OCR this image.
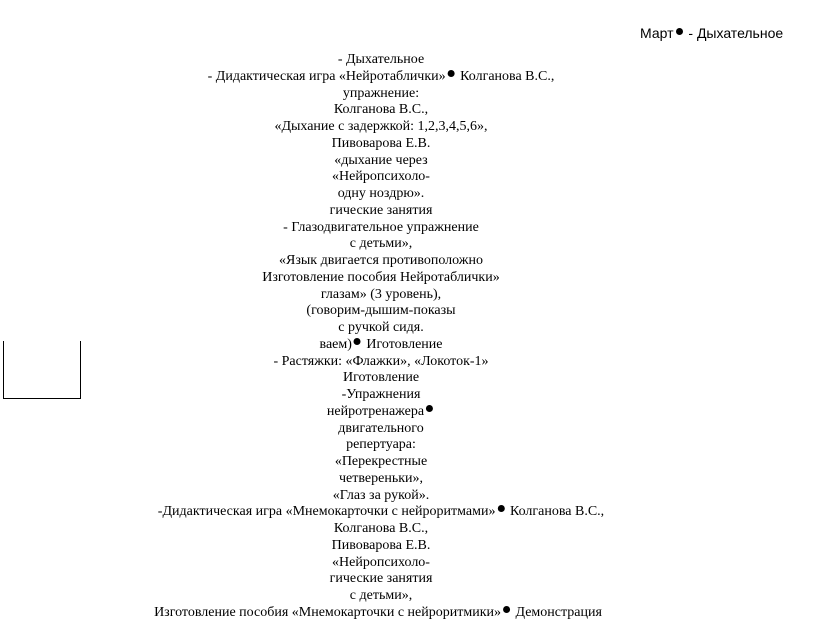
Март - Дыхательное
- Дыхательное
- Дидактическая игра «Нейротаблички» Колганова В.С.,
упражнение:
Колганова В.С.,
«Дыхание с задержкой: 1,2,3,4,5,6»,
Пивоварова Е.В.
«дыхание через
«Нейропсихоло-
одну ноздрю».
гические занятия
- Глазодвигательное упражнение
с детьми»,
«Язык двигается противоположно
Изготовление пособия Нейротаблички»
глазам» (3 уровень),
(говорим-дышим-показы
с ручкой сидя.
ваем) Иготовление
- Растяжки: «Флажки», «Локоток-1»
Иготовление
-Упражнения
нейротренажера
двигательного
репертуара:
«Перекрестные
четвереньки»,
«Глаз за рукой».
-Дидактическая игра «Мнемокарточки с нейроритмами» Колганова В.С.,
Колганова В.С.,
Пивоварова Е.В.
«Нейропсихоло-
гические занятия
с детьми»,
Изготовление пособия «Мнемокарточки с нейроритмики» Демонстрация
